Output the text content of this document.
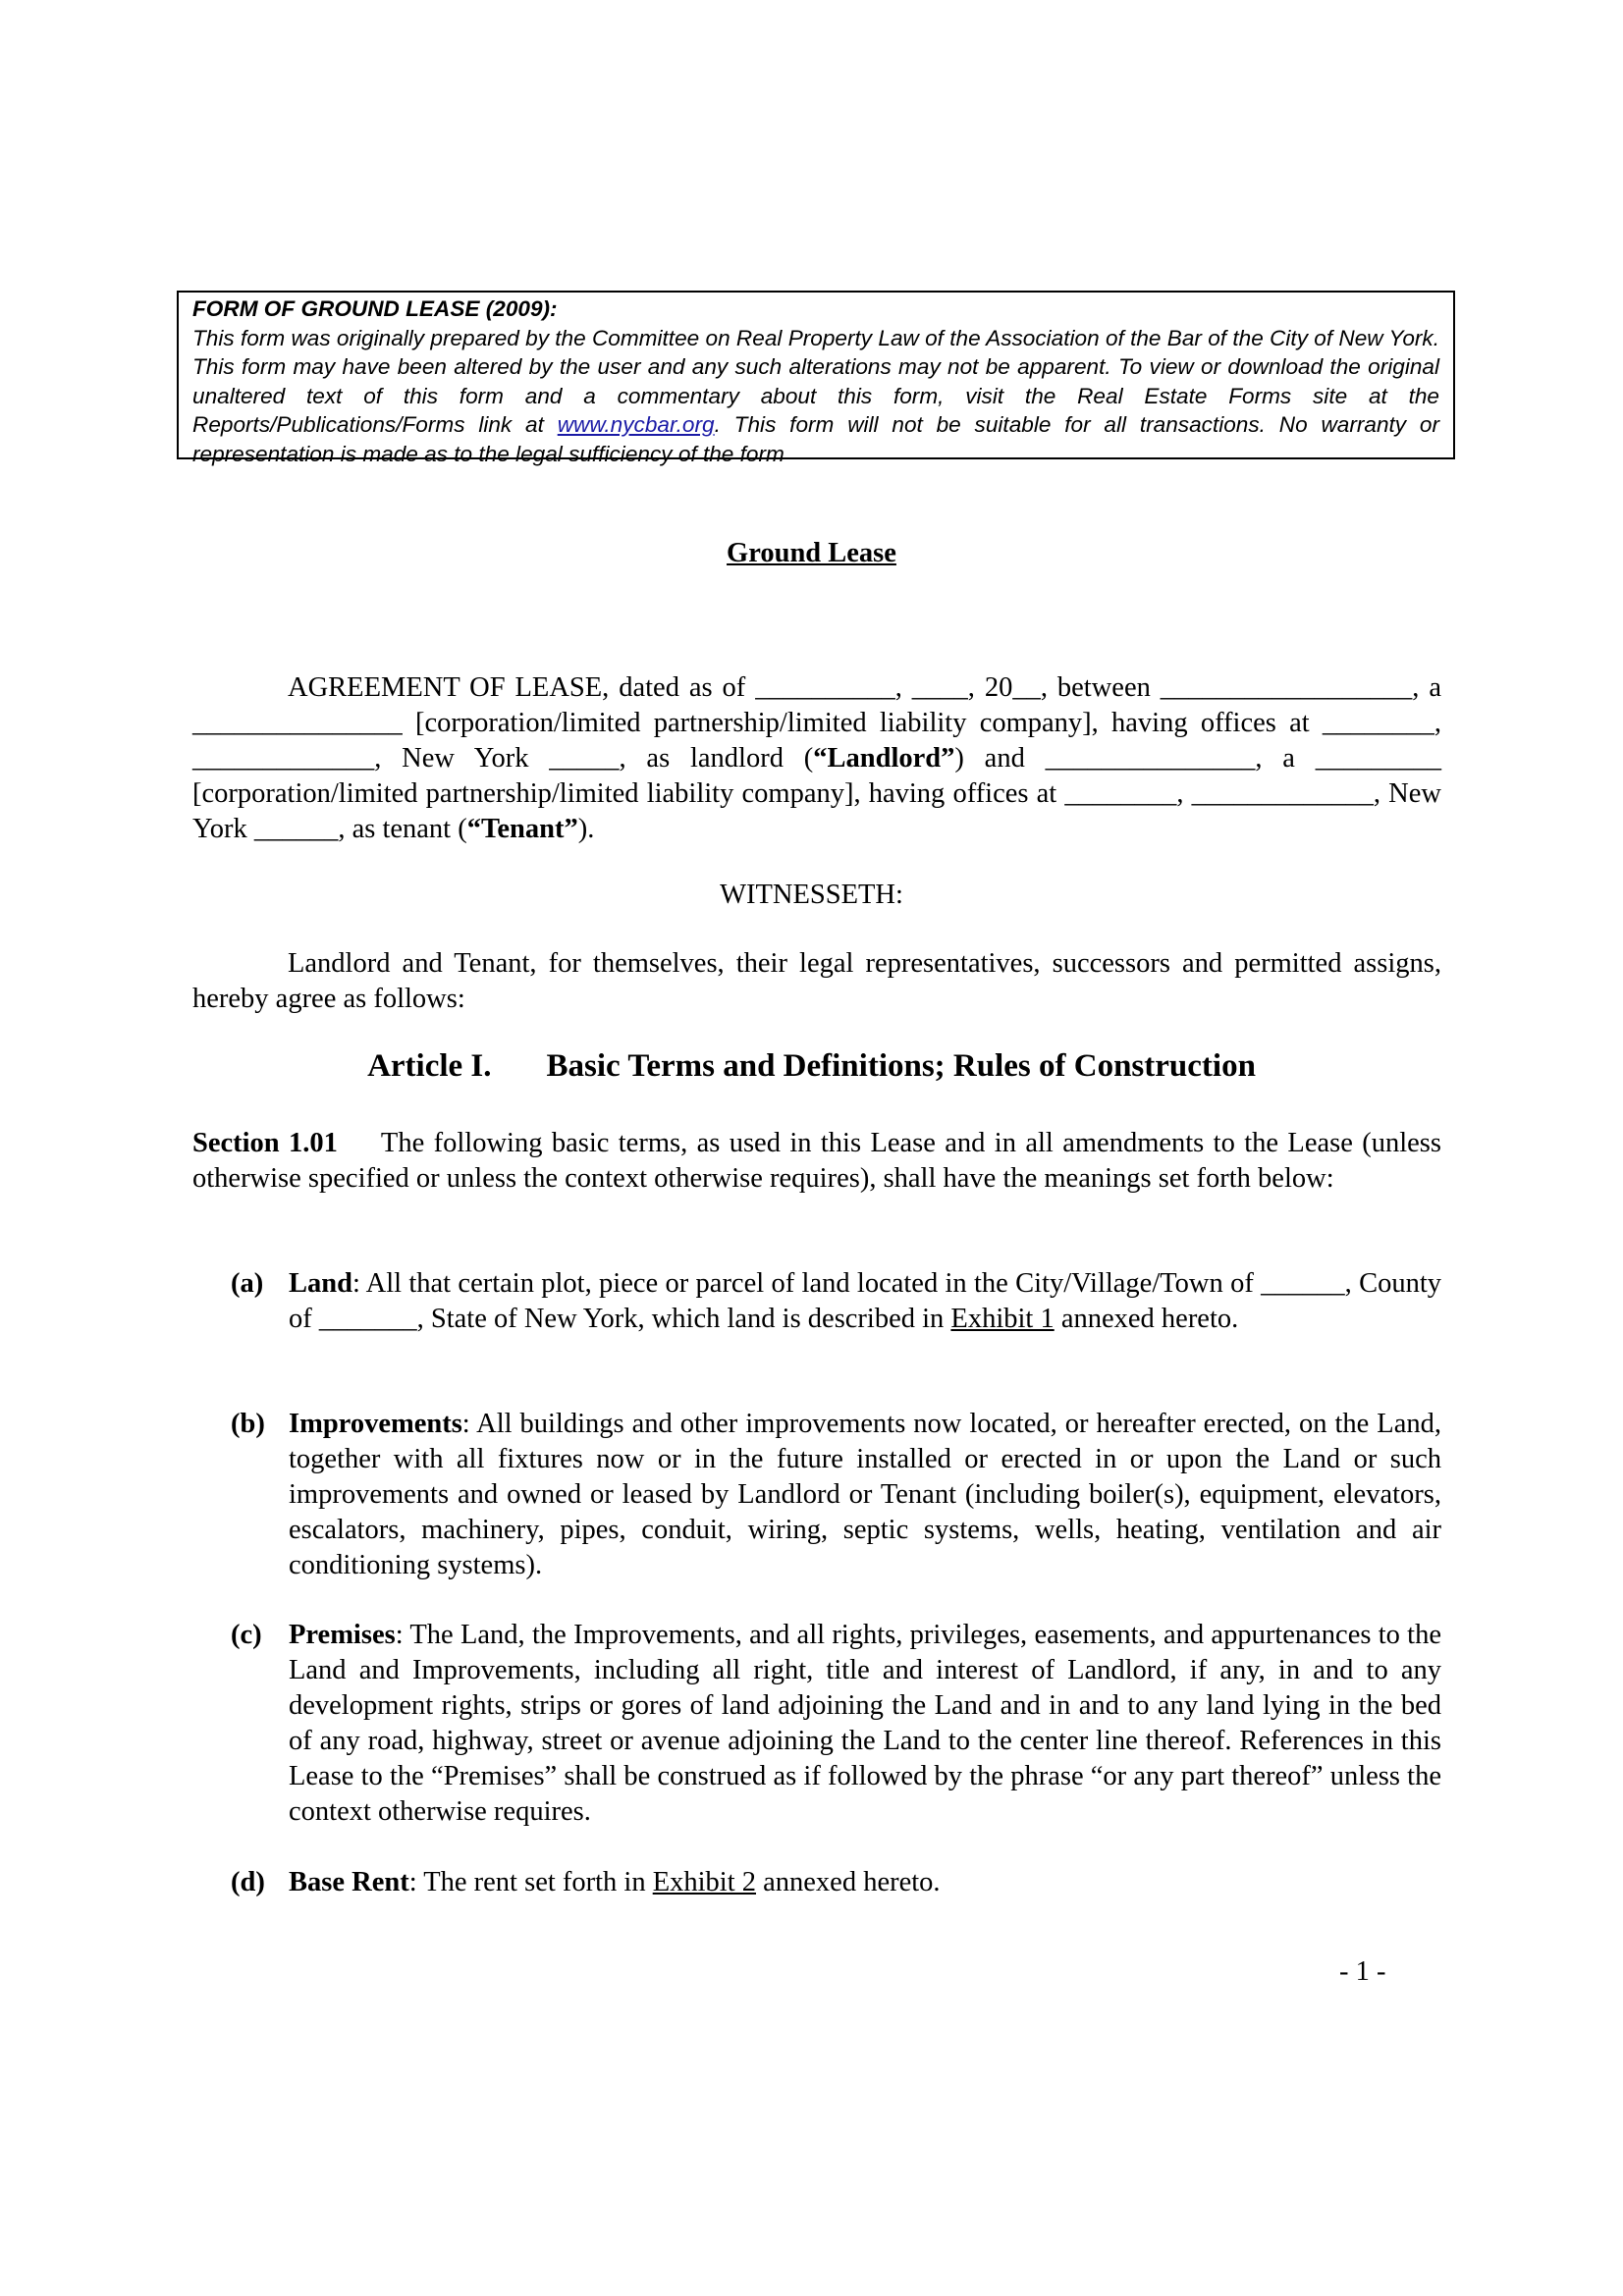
FORM OF GROUND LEASE (2009):
This form was originally prepared by the Committee on Real Property Law of the Association of the Bar of the City of New York. This form may have been altered by the user and any such alterations may not be apparent. To view or download the original unaltered text of this form and a commentary about this form, visit the Real Estate Forms site at the Reports/Publications/Forms link at www.nycbar.org. This form will not be suitable for all transactions. No warranty or representation is made as to the legal sufficiency of the form
Ground Lease

AGREEMENT OF LEASE, dated as of __________, ____, 20__, between __________________, a _______________ [corporation/limited partnership/limited liability company], having offices at ________, _____________, New York _____, as landlord (“Landlord”) and _______________, a _________ [corporation/limited partnership/limited liability company], having offices at ________, _____________, New York ______, as tenant (“Tenant”).

WITNESSETH:

Landlord and Tenant, for themselves, their legal representatives, successors and permitted assigns, hereby agree as follows:

Article I. Basic Terms and Definitions; Rules of Construction

Section 1.01 The following basic terms, as used in this Lease and in all amendments to the Lease (unless otherwise specified or unless the context otherwise requires), shall have the meanings set forth below:

(a) Land: All that certain plot, piece or parcel of land located in the City/Village/Town of ______, County of _______, State of New York, which land is described in Exhibit 1 annexed hereto.
(b) Improvements: All buildings and other improvements now located, or hereafter erected, on the Land, together with all fixtures now or in the future installed or erected in or upon the Land or such improvements and owned or leased by Landlord or Tenant (including boiler(s), equipment, elevators, escalators, machinery, pipes, conduit, wiring, septic systems, wells, heating, ventilation and air conditioning systems).
(c) Premises: The Land, the Improvements, and all rights, privileges, easements, and appurtenances to the Land and Improvements, including all right, title and interest of Landlord, if any, in and to any development rights, strips or gores of land adjoining the Land and in and to any land lying in the bed of any road, highway, street or avenue adjoining the Land to the center line thereof. References in this Lease to the “Premises” shall be construed as if followed by the phrase “or any part thereof” unless the context otherwise requires.
(d) Base Rent: The rent set forth in Exhibit 2 annexed hereto.
- 1 -
